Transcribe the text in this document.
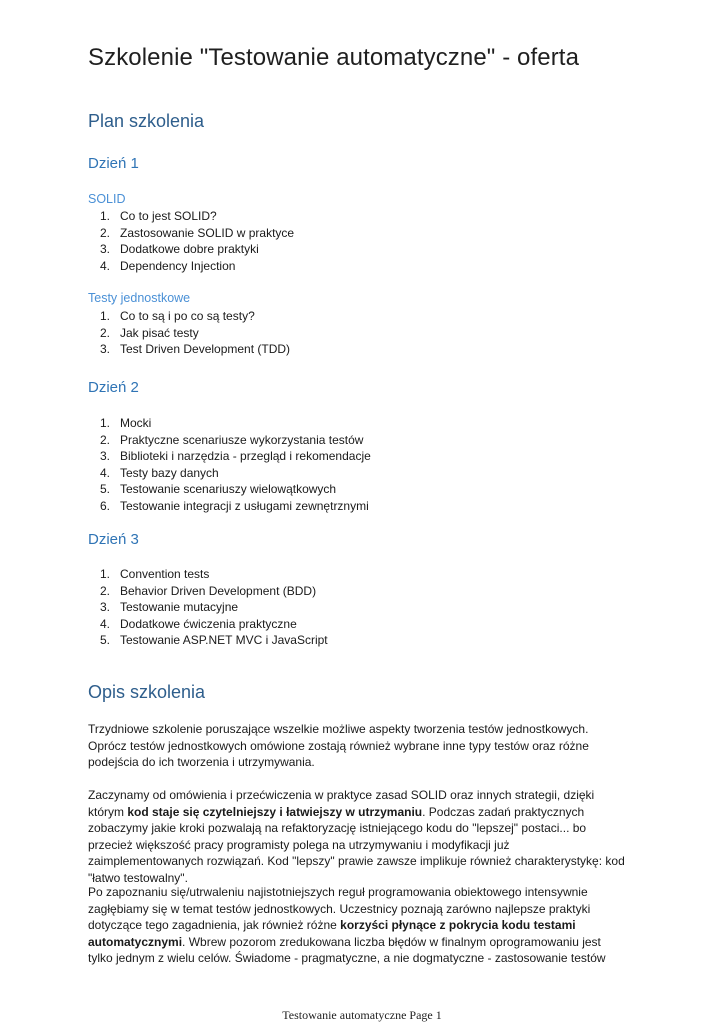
Szkolenie "Testowanie automatyczne" - oferta
Plan szkolenia
Dzień 1
SOLID
1. Co to jest SOLID?
2. Zastosowanie SOLID w praktyce
3. Dodatkowe dobre praktyki
4. Dependency Injection
Testy jednostkowe
1. Co to są i po co są testy?
2. Jak pisać testy
3. Test Driven Development (TDD)
Dzień 2
1. Mocki
2. Praktyczne scenariusze wykorzystania testów
3. Biblioteki i narzędzia - przegląd i rekomendacje
4. Testy bazy danych
5. Testowanie scenariuszy wielowątkowych
6. Testowanie integracji z usługami zewnętrznymi
Dzień 3
1. Convention tests
2. Behavior Driven Development (BDD)
3. Testowanie mutacyjne
4. Dodatkowe ćwiczenia praktyczne
5. Testowanie ASP.NET MVC i JavaScript
Opis szkolenia

Trzydniowe szkolenie poruszające wszelkie możliwe aspekty tworzenia testów jednostkowych. Oprócz testów jednostkowych omówione zostają również wybrane inne typy testów oraz różne podejścia do ich tworzenia i utrzymywania.

Zaczynamy od omówienia i przećwiczenia w praktyce zasad SOLID oraz innych strategii, dzięki którym kod staje się czytelniejszy i łatwiejszy w utrzymaniu. Podczas zadań praktycznych zobaczymy jakie kroki pozwalają na refaktoryzację istniejącego kodu do "lepszej" postaci... bo przecież większość pracy programisty polega na utrzymywaniu i modyfikacji już zaimplementowanych rozwiązań. Kod "lepszy" prawie zawsze implikuje również charakterystykę: kod "łatwo testowalny".

Po zapoznaniu się/utrwaleniu najistotniejszych reguł programowania obiektowego intensywnie zagłębiamy się w temat testów jednostkowych. Uczestnicy poznają zarówno najlepsze praktyki dotyczące tego zagadnienia, jak również różne korzyści płynące z pokrycia kodu testami automatycznymi. Wbrew pozorom zredukowana liczba błędów w finalnym oprogramowaniu jest tylko jednym z wielu celów. Świadome - pragmatyczne, a nie dogmatyczne - zastosowanie testów

Testowanie automatyczne Page 1
